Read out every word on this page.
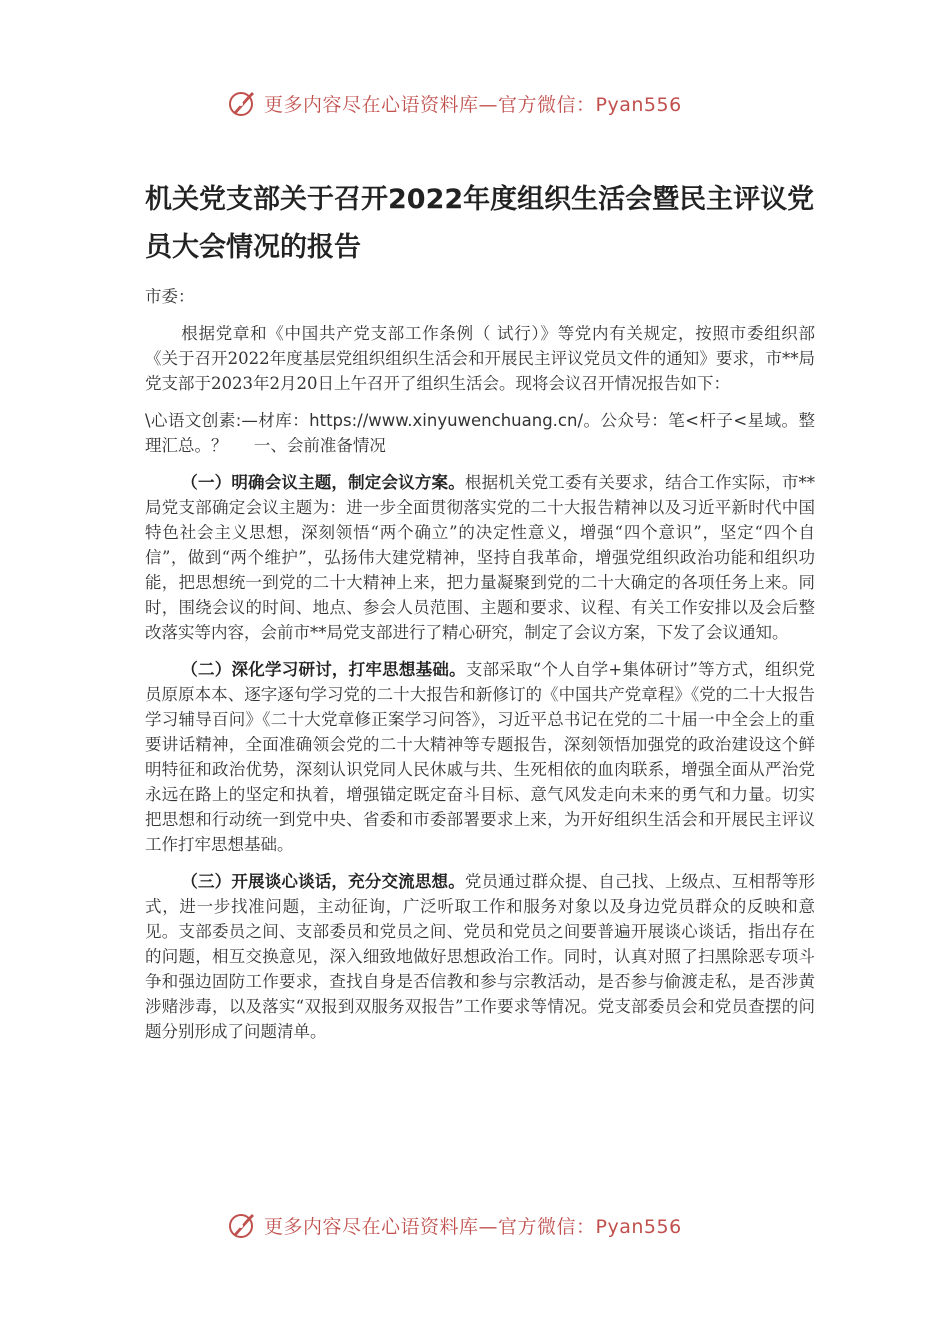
更多内容尽在心语资料库—官方微信：Pyan556
机关党支部关于召开2022年度组织生活会暨民主评议党员大会情况的报告

市委：

根据党章和《中国共产党支部工作条例（ 试行）》等党内有关规定，按照市委组织部《关于召开2022年度基层党组织组织生活会和开展民主评议党员文件的通知》要求，市**局党支部于2023年2月20日上午召开了组织生活会。现将会议召开情况报告如下：

\心语文创素:—材库：https://www.xinyuwenchuang.cn/。公众号：笔<杆子<星域。整理汇总。？ 一、会前准备情况

（一）明确会议主题，制定会议方案。根据机关党工委有关要求，结合工作实际，市**局党支部确定会议主题为：进一步全面贯彻落实党的二十大报告精神以及习近平新时代中国特色社会主义思想，深刻领悟“两个确立”的决定性意义，增强“四个意识”，坚定“四个自信”，做到“两个维护”，弘扬伟大建党精神，坚持自我革命，增强党组织政治功能和组织功能，把思想统一到党的二十大精神上来，把力量凝聚到党的二十大确定的各项任务上来。同时，围绕会议的时间、地点、参会人员范围、主题和要求、议程、有关工作安排以及会后整改落实等内容，会前市**局党支部进行了精心研究，制定了会议方案，下发了会议通知。

（二）深化学习研讨，打牢思想基础。支部采取“个人自学+集体研讨”等方式，组织党员原原本本、逐字逐句学习党的二十大报告和新修订的《中国共产党章程》《党的二十大报告学习辅导百问》《二十大党章修正案学习问答》，习近平总书记在党的二十届一中全会上的重要讲话精神，全面准确领会党的二十大精神等专题报告，深刻领悟加强党的政治建设这个鲜明特征和政治优势，深刻认识党同人民休戚与共、生死相依的血肉联系，增强全面从严治党永远在路上的坚定和执着，增强锚定既定奋斗目标、意气风发走向未来的勇气和力量。切实把思想和行动统一到党中央、省委和市委部署要求上来，为开好组织生活会和开展民主评议工作打牢思想基础。

（三）开展谈心谈话，充分交流思想。党员通过群众提、自己找、上级点、互相帮等形式，进一步找准问题，主动征询，广泛听取工作和服务对象以及身边党员群众的反映和意见。支部委员之间、支部委员和党员之间、党员和党员之间要普遍开展谈心谈话，指出存在的问题，相互交换意见，深入细致地做好思想政治工作。同时，认真对照了扫黑除恶专项斗争和强边固防工作要求，查找自身是否信教和参与宗教活动，是否参与偷渡走私，是否涉黄涉赌涉毒，以及落实“双报到双服务双报告”工作要求等情况。党支部委员会和党员查摆的问题分别形成了问题清单。

更多内容尽在心语资料库—官方微信：Pyan556
